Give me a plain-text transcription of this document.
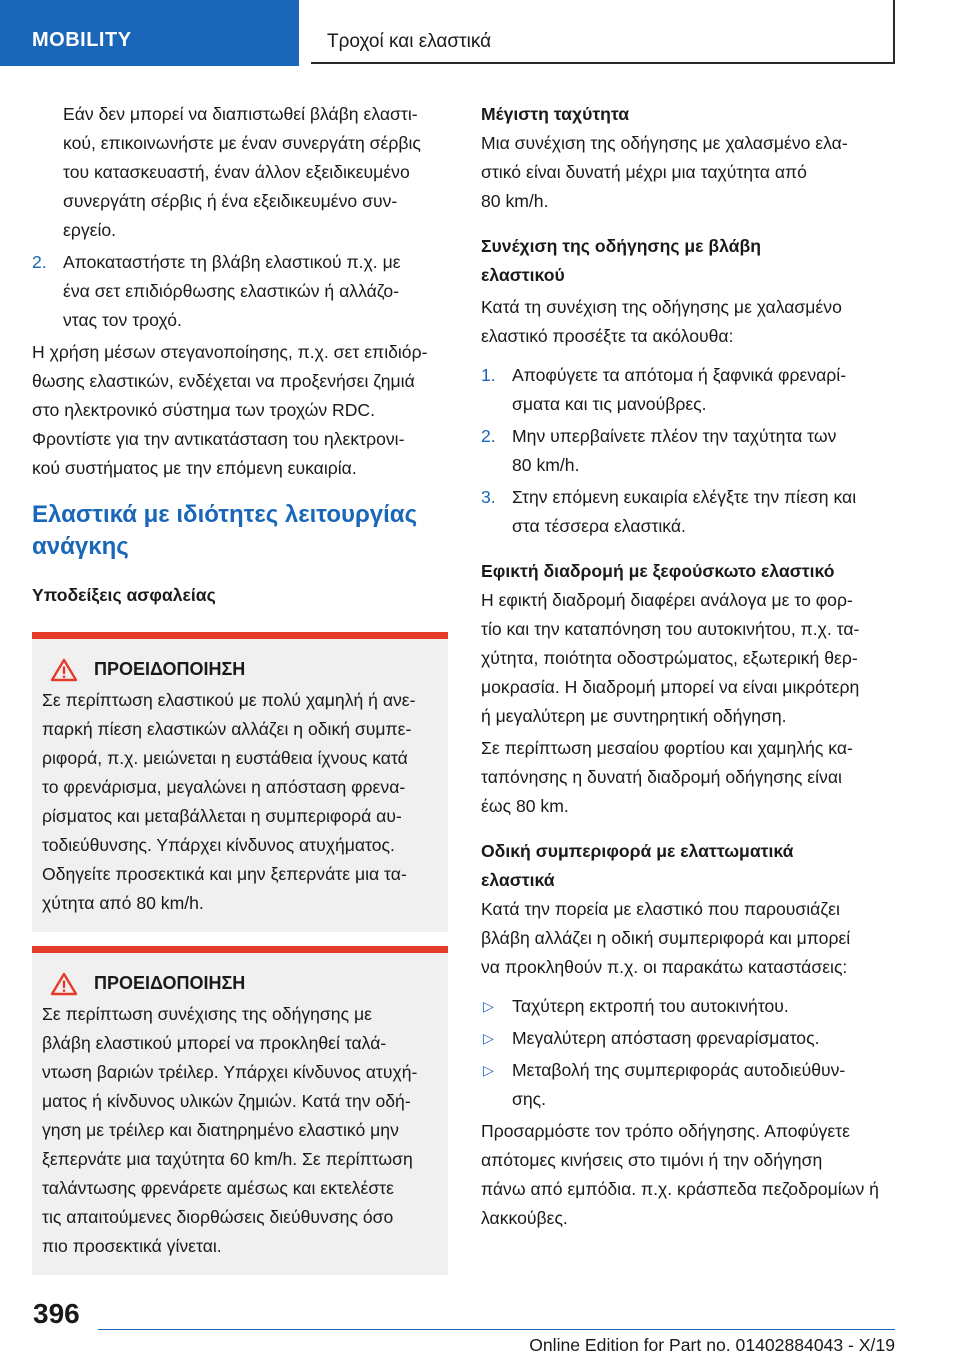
MOBILITY	Τροχοί και ελαστικά
Εάν δεν μπορεί να διαπιστωθεί βλάβη ελαστι‐
κού, επικοινωνήστε με έναν συνεργάτη σέρβις
του κατασκευαστή, έναν άλλον εξειδικευμένο
συνεργάτη σέρβις ή ένα εξειδικευμένο συν‐
εργείο.
2. Αποκαταστήστε τη βλάβη ελαστικού π.χ. με
ένα σετ επιδιόρθωσης ελαστικών ή αλλάζο‐
ντας τον τροχό.
Η χρήση μέσων στεγανοποίησης, π.χ. σετ επιδιόρ‐
θωσης ελαστικών, ενδέχεται να προξενήσει ζημιά
στο ηλεκτρονικό σύστημα των τροχών RDC.
Φροντίστε για την αντικατάσταση του ηλεκτρονι‐
κού συστήματος με την επόμενη ευκαιρία.
Ελαστικά με ιδιότητες λειτουργίας
ανάγκης
Υποδείξεις ασφαλείας
ΠΡΟΕΙΔΟΠΟΙΗΣΗ
Σε περίπτωση ελαστικού με πολύ χαμηλή ή ανε‐
παρκή πίεση ελαστικών αλλάζει η οδική συμπε‐
ριφορά, π.χ. μειώνεται η ευστάθεια ίχνους κατά
το φρενάρισμα, μεγαλώνει η απόσταση φρενα‐
ρίσματος και μεταβάλλεται η συμπεριφορά αυ‐
τοδιεύθυνσης. Υπάρχει κίνδυνος ατυχήματος.
Οδηγείτε προσεκτικά και μην ξεπερνάτε μια τα‐
χύτητα από 80 km/h.
ΠΡΟΕΙΔΟΠΟΙΗΣΗ
Σε περίπτωση συνέχισης της οδήγησης με
βλάβη ελαστικού μπορεί να προκληθεί ταλά‐
ντωση βαριών τρέιλερ. Υπάρχει κίνδυνος ατυχή‐
ματος ή κίνδυνος υλικών ζημιών. Κατά την οδή‐
γηση με τρέιλερ και διατηρημένο ελαστικό μην
ξεπερνάτε μια ταχύτητα 60 km/h. Σε περίπτωση
ταλάντωσης φρενάρετε αμέσως και εκτελέστε
τις απαιτούμενες διορθώσεις διεύθυνσης όσο
πιο προσεκτικά γίνεται.
Μέγιστη ταχύτητα
Μια συνέχιση της οδήγησης με χαλασμένο ελα‐
στικό είναι δυνατή μέχρι μια ταχύτητα από
80 km/h.
Συνέχιση της οδήγησης με βλάβη
ελαστικού
Κατά τη συνέχιση της οδήγησης με χαλασμένο
ελαστικό προσέξτε τα ακόλουθα:
1. Αποφύγετε τα απότομα ή ξαφνικά φρεναρί‐
σματα και τις μανούβρες.
2. Μην υπερβαίνετε πλέον την ταχύτητα των
80 km/h.
3. Στην επόμενη ευκαιρία ελέγξτε την πίεση και
στα τέσσερα ελαστικά.
Εφικτή διαδρομή με ξεφούσκωτο ελαστικό
Η εφικτή διαδρομή διαφέρει ανάλογα με το φορ‐
τίο και την καταπόνηση του αυτοκινήτου, π.χ. τα‐
χύτητα, ποιότητα οδοστρώματος, εξωτερική θερ‐
μοκρασία. Η διαδρομή μπορεί να είναι μικρότερη
ή μεγαλύτερη με συντηρητική οδήγηση.
Σε περίπτωση μεσαίου φορτίου και χαμηλής κα‐
ταπόνησης η δυνατή διαδρομή οδήγησης είναι
έως 80 km.
Οδική συμπεριφορά με ελαττωματικά
ελαστικά
Κατά την πορεία με ελαστικό που παρουσιάζει
βλάβη αλλάζει η οδική συμπεριφορά και μπορεί
να προκληθούν π.χ. οι παρακάτω καταστάσεις:
▷ Ταχύτερη εκτροπή του αυτοκινήτου.
▷ Μεγαλύτερη απόσταση φρεναρίσματος.
▷ Μεταβολή της συμπεριφοράς αυτοδιεύθυν‐
σης.
Προσαρμόστε τον τρόπο οδήγησης. Αποφύγετε
απότομες κινήσεις στο τιμόνι ή την οδήγηση
πάνω από εμπόδια. π.χ. κράσπεδα πεζοδρομίων ή
λακκούβες.
396
Online Edition for Part no. 01402884043 - X/19
